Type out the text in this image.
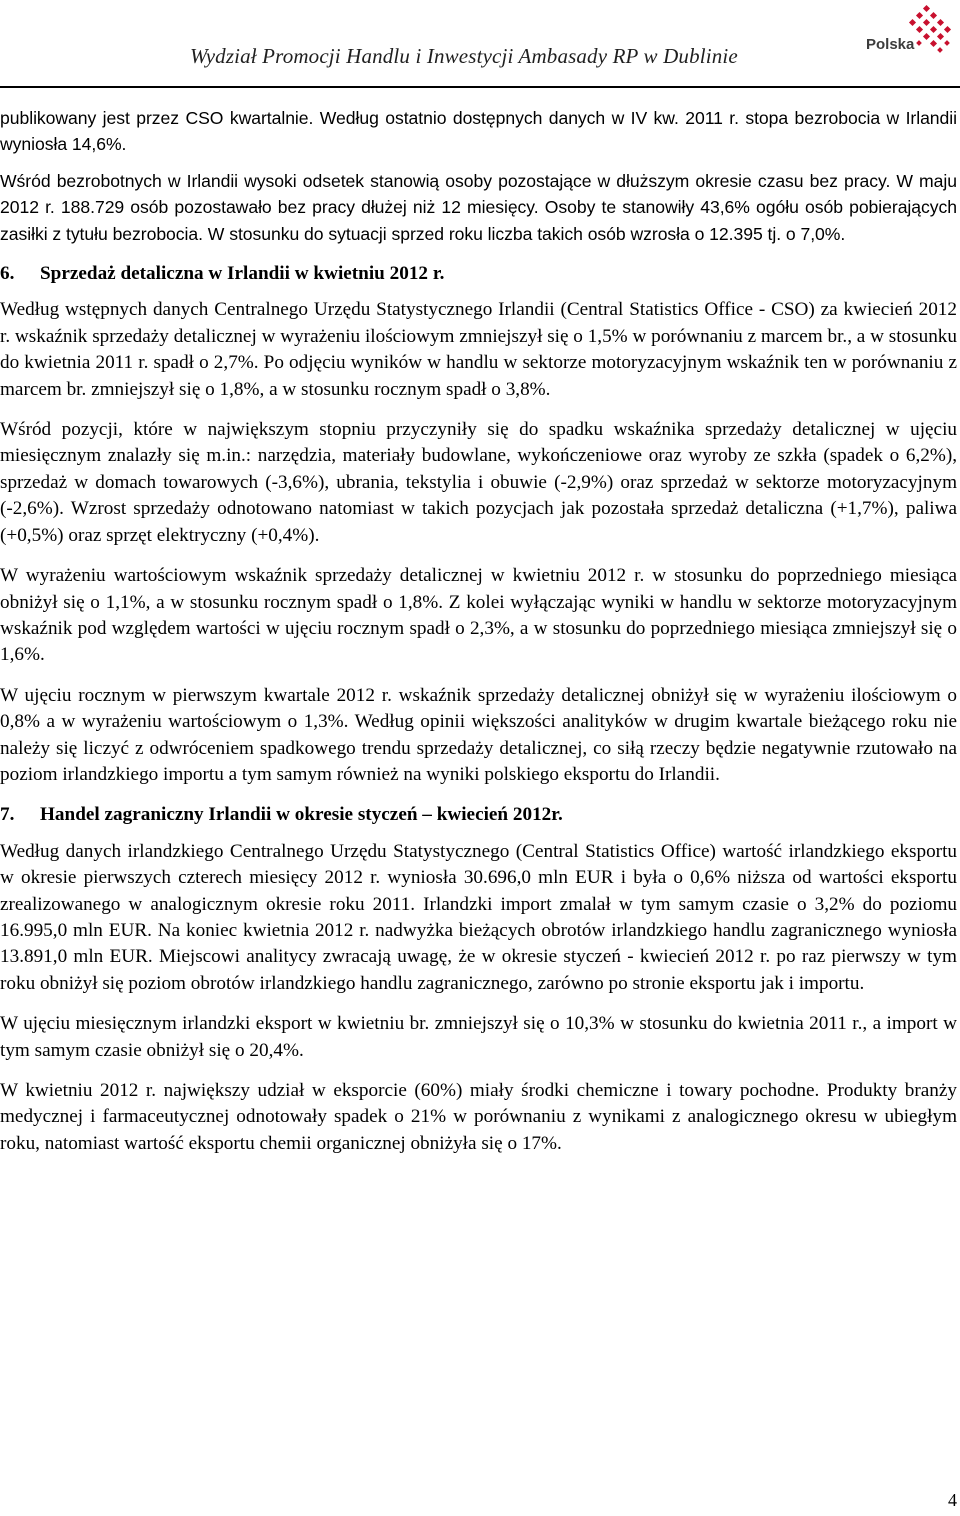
Wydział Promocji Handlu i Inwestycji Ambasady RP w Dublinie	Polska

publikowany jest przez CSO kwartalnie. Według ostatnio dostępnych danych w IV kw. 2011 r. stopa bezrobocia w Irlandii wyniosła 14,6%.

Wśród bezrobotnych w Irlandii wysoki odsetek stanowią osoby pozostające w dłuższym okresie czasu bez pracy. W maju 2012 r. 188.729 osób pozostawało bez pracy dłużej niż 12 miesięcy. Osoby te stanowiły 43,6% ogółu osób pobierających zasiłki z tytułu bezrobocia. W stosunku do sytuacji sprzed roku liczba takich osób wzrosła o 12.395 tj. o 7,0%.

6. Sprzedaż detaliczna w Irlandii w kwietniu 2012 r.

Według wstępnych danych Centralnego Urzędu Statystycznego Irlandii (Central Statistics Office - CSO) za kwiecień 2012 r. wskaźnik sprzedaży detalicznej w wyrażeniu ilościowym zmniejszył się o 1,5% w porównaniu z marcem br., a w stosunku do kwietnia 2011 r. spadł o 2,7%. Po odjęciu wyników w handlu w sektorze motoryzacyjnym wskaźnik ten w porównaniu z marcem br. zmniejszył się o 1,8%, a w stosunku rocznym spadł o 3,8%.

Wśród pozycji, które w największym stopniu przyczyniły się do spadku wskaźnika sprzedaży detalicznej w ujęciu miesięcznym znalazły się m.in.: narzędzia, materiały budowlane, wykończeniowe oraz wyroby ze szkła (spadek o 6,2%), sprzedaż w domach towarowych (-3,6%), ubrania, tekstylia i obuwie (-2,9%) oraz sprzedaż w sektorze motoryzacyjnym (-2,6%). Wzrost sprzedaży odnotowano natomiast w takich pozycjach jak pozostała sprzedaż detaliczna (+1,7%), paliwa (+0,5%) oraz sprzęt elektryczny (+0,4%).

W wyrażeniu wartościowym wskaźnik sprzedaży detalicznej w kwietniu 2012 r. w stosunku do poprzedniego miesiąca obniżył się o 1,1%, a w stosunku rocznym spadł o 1,8%. Z kolei wyłączając wyniki w handlu w sektorze motoryzacyjnym wskaźnik pod względem wartości w ujęciu rocznym spadł o 2,3%, a w stosunku do poprzedniego miesiąca zmniejszył się o 1,6%.

W ujęciu rocznym w pierwszym kwartale 2012 r. wskaźnik sprzedaży detalicznej obniżył się w wyrażeniu ilościowym o 0,8% a w wyrażeniu wartościowym o 1,3%. Według opinii większości analityków w drugim kwartale bieżącego roku nie należy się liczyć z odwróceniem spadkowego trendu sprzedaży detalicznej, co siłą rzeczy będzie negatywnie rzutowało na poziom irlandzkiego importu a tym samym również na wyniki polskiego eksportu do Irlandii.

7. Handel zagraniczny Irlandii w okresie styczeń – kwiecień 2012r.

Według danych irlandzkiego Centralnego Urzędu Statystycznego (Central Statistics Office) wartość irlandzkiego eksportu w okresie pierwszych czterech miesięcy 2012 r. wyniosła 30.696,0 mln EUR i była o 0,6% niższa od wartości eksportu zrealizowanego w analogicznym okresie roku 2011. Irlandzki import zmalał w tym samym czasie o 3,2% do poziomu 16.995,0 mln EUR. Na koniec kwietnia 2012 r. nadwyżka bieżących obrotów irlandzkiego handlu zagranicznego wyniosła 13.891,0 mln EUR. Miejscowi analitycy zwracają uwagę, że w okresie styczeń - kwiecień 2012 r. po raz pierwszy w tym roku obniżył się poziom obrotów irlandzkiego handlu zagranicznego, zarówno po stronie eksportu jak i importu.

W ujęciu miesięcznym irlandzki eksport w kwietniu br. zmniejszył się o 10,3% w stosunku do kwietnia 2011 r., a import w tym samym czasie obniżył się o 20,4%.

W kwietniu 2012 r. największy udział w eksporcie (60%) miały środki chemiczne i towary pochodne. Produkty branży medycznej i farmaceutycznej odnotowały spadek o 21% w porównaniu z wynikami z analogicznego okresu w ubiegłym roku, natomiast wartość eksportu chemii organicznej obniżyła się o 17%.

4
